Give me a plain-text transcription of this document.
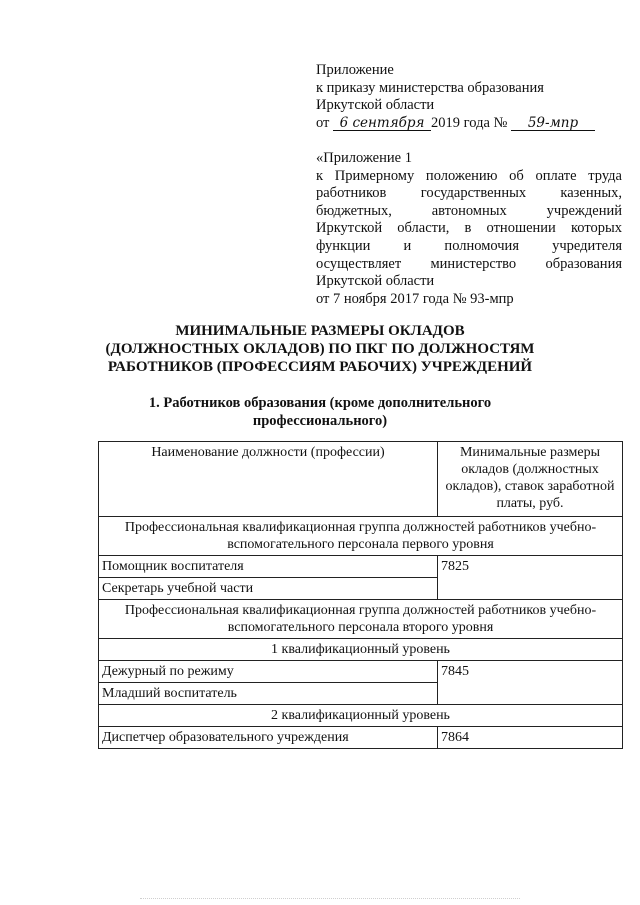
Приложение
к приказу министерства образования
Иркутской области
от 6 сентября 2019 года № 59-мпр
«Приложение 1
к Примерному положению об оплате труда
работников государственных казенных,
бюджетных, автономных учреждений
Иркутской области, в отношении которых
функции и полномочия учредителя
осуществляет министерство образования
Иркутской области
от 7 ноября 2017 года № 93-мпр
МИНИМАЛЬНЫЕ РАЗМЕРЫ ОКЛАДОВ
(ДОЛЖНОСТНЫХ ОКЛАДОВ) ПО ПКГ ПО ДОЛЖНОСТЯМ
РАБОТНИКОВ (ПРОФЕССИЯМ РАБОЧИХ) УЧРЕЖДЕНИЙ
1. Работников образования (кроме дополнительного
профессионального)
Наименование должности (профессии)	Минимальные размеры окладов (должностных окладов), ставок заработной платы, руб.
Профессиональная квалификационная группа должностей работников учебно-вспомогательного персонала первого уровня	
Помощник воспитателя	7825
Секретарь учебной части	
Профессиональная квалификационная группа должностей работников учебно-вспомогательного персонала второго уровня	
1 квалификационный уровень	
Дежурный по режиму	7845
Младший воспитатель	
2 квалификационный уровень	
Диспетчер образовательного учреждения	7864
